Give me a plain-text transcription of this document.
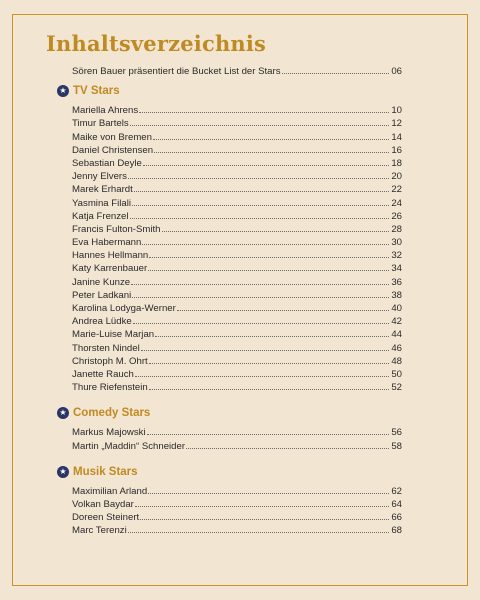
Inhaltsverzeichnis
Sören Bauer präsentiert die Bucket List der Stars	06
★ TV Stars
Mariella Ahrens	10
Timur Bartels	12
Maike von Bremen	14
Daniel Christensen	16
Sebastian Deyle	18
Jenny Elvers	20
Marek Erhardt	22
Yasmina Filali	24
Katja Frenzel	26
Francis Fulton-Smith	28
Eva Habermann	30
Hannes Hellmann	32
Katy Karrenbauer	34
Janine Kunze	36
Peter Ladkani	38
Karolina Lodyga-Werner	40
Andrea Lüdke	42
Marie-Luise Marjan	44
Thorsten Nindel	46
Christoph M. Ohrt	48
Janette Rauch	50
Thure Riefenstein	52
★ Comedy Stars
Markus Majowski	56
Martin „Maddin“ Schneider	58
★ Musik Stars
Maximilian Arland	62
Volkan Baydar	64
Doreen Steinert	66
Marc Terenzi	68
